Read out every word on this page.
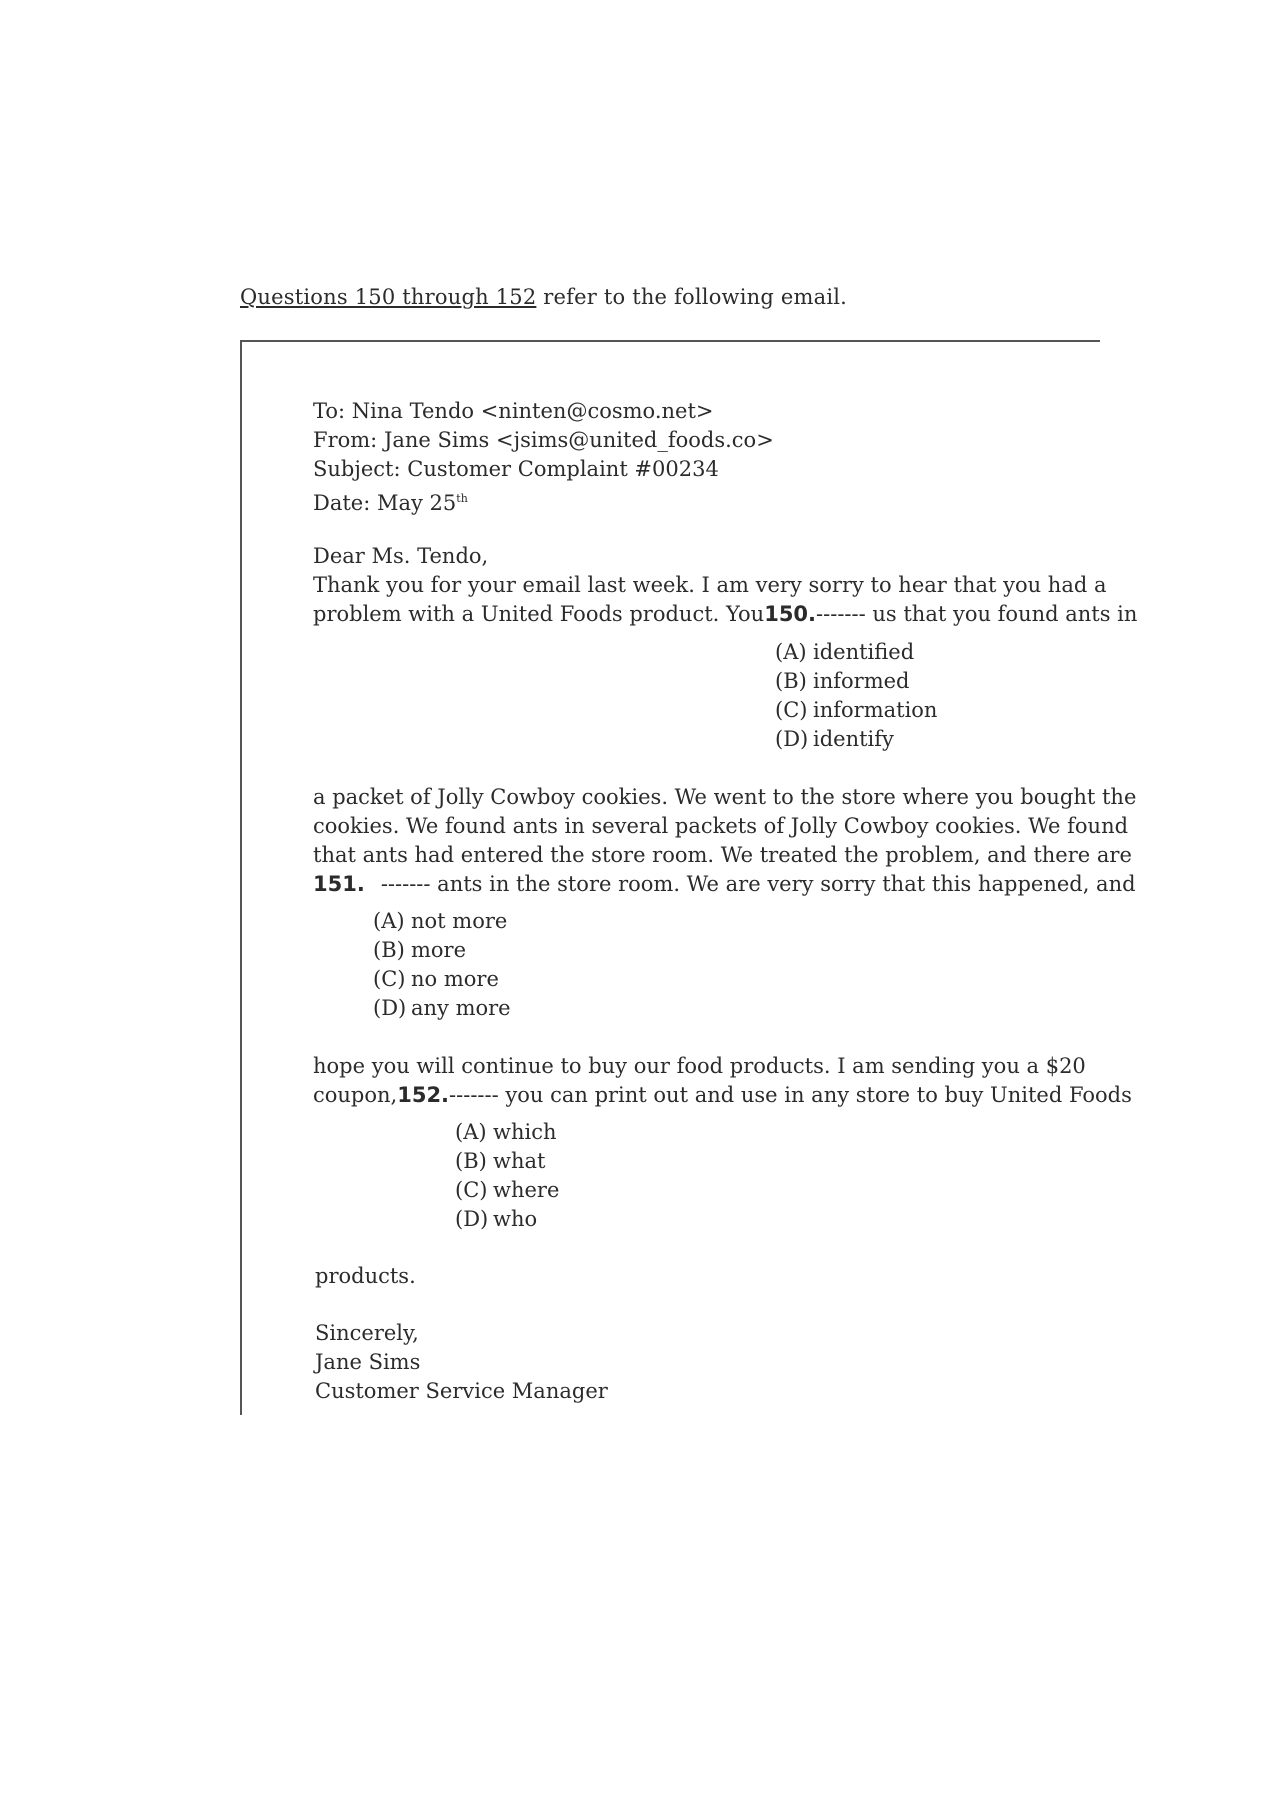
Questions 150 through 152 refer to the following email.
To: Nina Tendo <ninten@cosmo.net>
From: Jane Sims <jsims@united_foods.co>
Subject: Customer Complaint #00234
Date: May 25th
Dear Ms. Tendo,
Thank you for your email last week. I am very sorry to hear that you had a
problem with a United Foods product. You 150. ------- us that you found ants in
(A) identified
(B) informed
(C) information
(D) identify
a packet of Jolly Cowboy cookies. We went to the store where you bought the
cookies. We found ants in several packets of Jolly Cowboy cookies. We found
that ants had entered the store room. We treated the problem, and there are
151. ------- ants in the store room. We are very sorry that this happened, and
(A) not more
(B) more
(C) no more
(D) any more
hope you will continue to buy our food products. I am sending you a $20
coupon, 152. ------- you can print out and use in any store to buy United Foods
(A) which
(B) what
(C) where
(D) who
products.
Sincerely,
Jane Sims
Customer Service Manager
